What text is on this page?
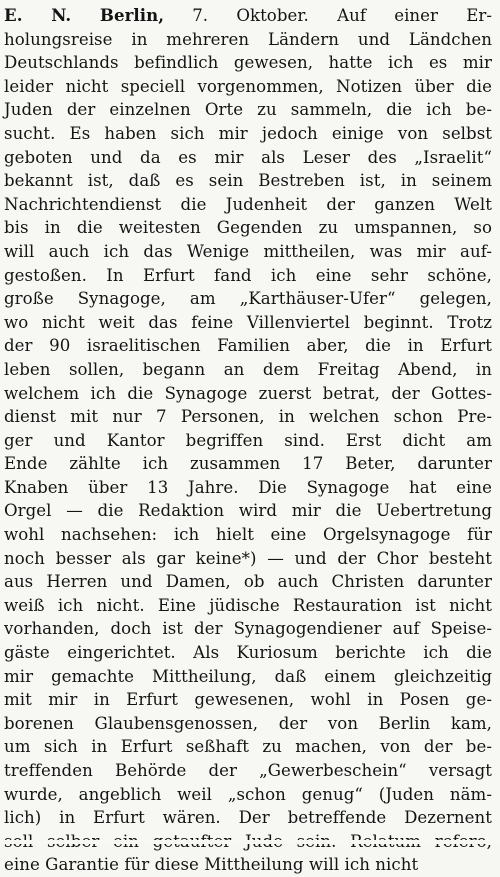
E. N. Berlin, 7. Oktober. Auf einer Er-
holungsreise in mehreren Ländern und Ländchen
Deutschlands befindlich gewesen, hatte ich es mir
leider nicht speciell vorgenommen, Notizen über die
Juden der einzelnen Orte zu sammeln, die ich be-
sucht. Es haben sich mir jedoch einige von selbst
geboten und da es mir als Leser des „Israelit“
bekannt ist, daß es sein Bestreben ist, in seinem
Nachrichtendienst die Judenheit der ganzen Welt
bis in die weitesten Gegenden zu umspannen, so
will auch ich das Wenige mittheilen, was mir auf-
gestoßen. In Erfurt fand ich eine sehr schöne,
große Synagoge, am „Karthäuser-Ufer“ gelegen,
wo nicht weit das feine Villenviertel beginnt. Trotz
der 90 israelitischen Familien aber, die in Erfurt
leben sollen, begann an dem Freitag Abend, in
welchem ich die Synagoge zuerst betrat, der Gottes-
dienst mit nur 7 Personen, in welchen schon Pre-
ger und Kantor begriffen sind. Erst dicht am
Ende zählte ich zusammen 17 Beter, darunter
Knaben über 13 Jahre. Die Synagoge hat eine
Orgel — die Redaktion wird mir die Uebertretung
wohl nachsehen: ich hielt eine Orgelsynagoge für
noch besser als gar keine*) — und der Chor besteht
aus Herren und Damen, ob auch Christen darunter
weiß ich nicht. Eine jüdische Restauration ist nicht
vorhanden, doch ist der Synagogendiener auf Speise-
gäste eingerichtet. Als Kuriosum berichte ich die
mir gemachte Mittheilung, daß einem gleichzeitig
mit mir in Erfurt gewesenen, wohl in Posen ge-
borenen Glaubensgenossen, der von Berlin kam,
um sich in Erfurt seßhaft zu machen, von der be-
treffenden Behörde der „Gewerbeschein“ versagt
wurde, angeblich weil „schon genug“ (Juden näm-
lich) in Erfurt wären. Der betreffende Dezernent
eine Garantie für diese Mittheilung will ich nicht
